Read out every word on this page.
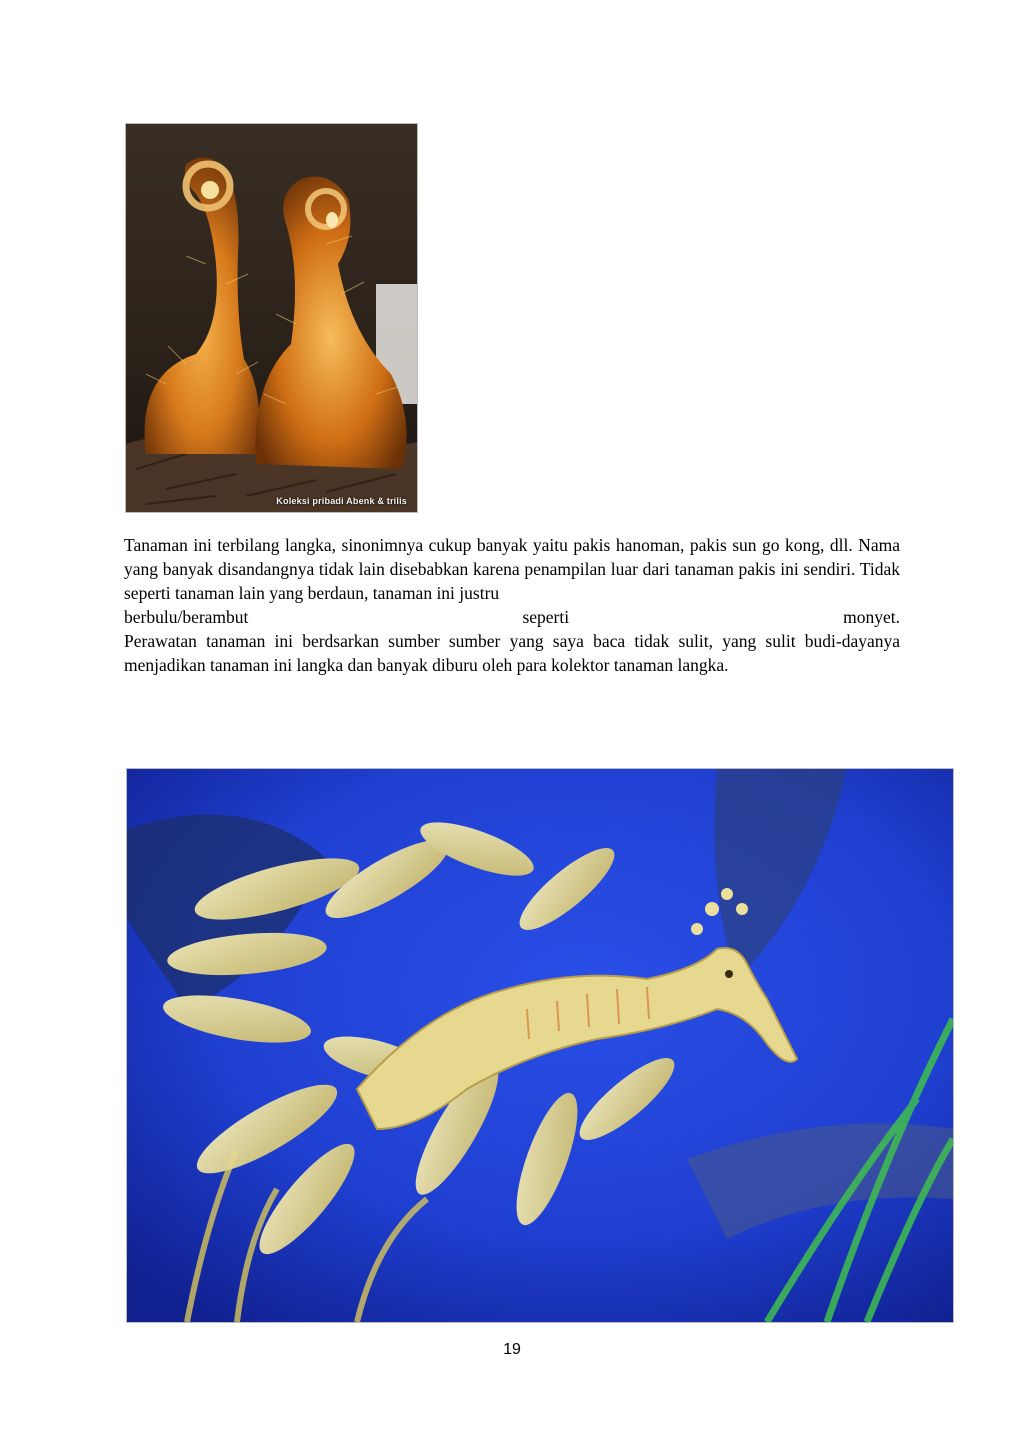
Koleksi pribadi Abenk & trilis

Tanaman ini terbilang langka, sinonimnya cukup banyak yaitu pakis hanoman, pakis sun go kong, dll. Nama yang banyak disandangnya tidak lain disebabkan karena penampilan luar dari tanaman pakis ini sendiri. Tidak seperti tanaman lain yang berdaun, tanaman ini justru

berbulu/berambut seperti monyet.

Perawatan tanaman ini berdsarkan sumber sumber yang saya baca tidak sulit, yang sulit budi-dayanya menjadikan tanaman ini langka dan banyak diburu oleh para kolektor tanaman langka.

19
